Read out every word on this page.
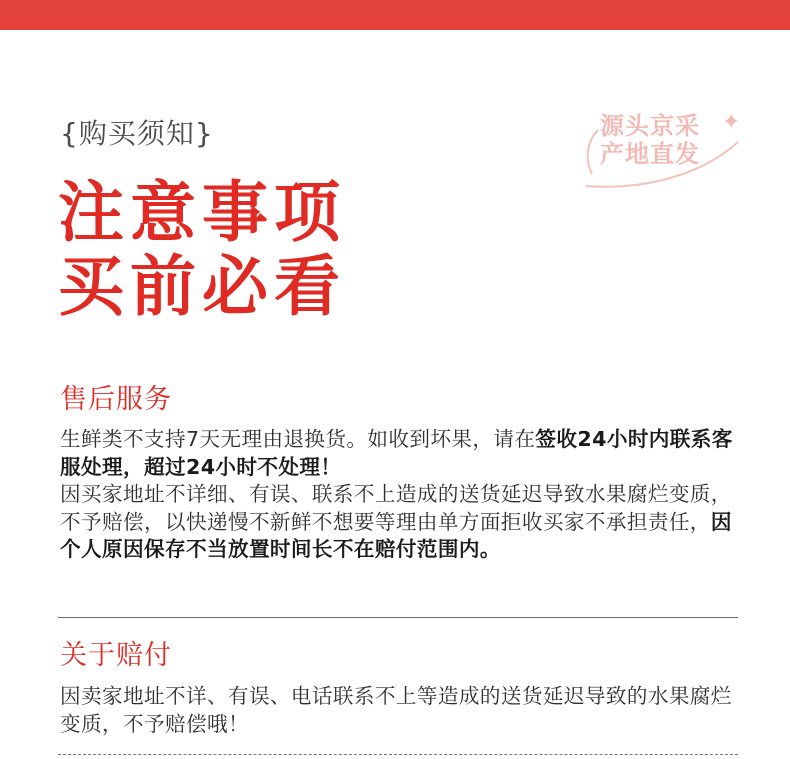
{购买须知}
注意事项
买前必看
源头京采
产地直发
✦
售后服务
生鲜类不支持7天无理由退换货。如收到坏果，请在签收24小时内联系客服处理，超过24小时不处理！
因买家地址不详细、有误、联系不上造成的送货延迟导致水果腐烂变质，不予赔偿，以快递慢不新鲜不想要等理由单方面拒收买家不承担责任，因个人原因保存不当放置时间长不在赔付范围内。
关于赔付
因卖家地址不详、有误、电话联系不上等造成的送货延迟导致的水果腐烂变质，不予赔偿哦！
